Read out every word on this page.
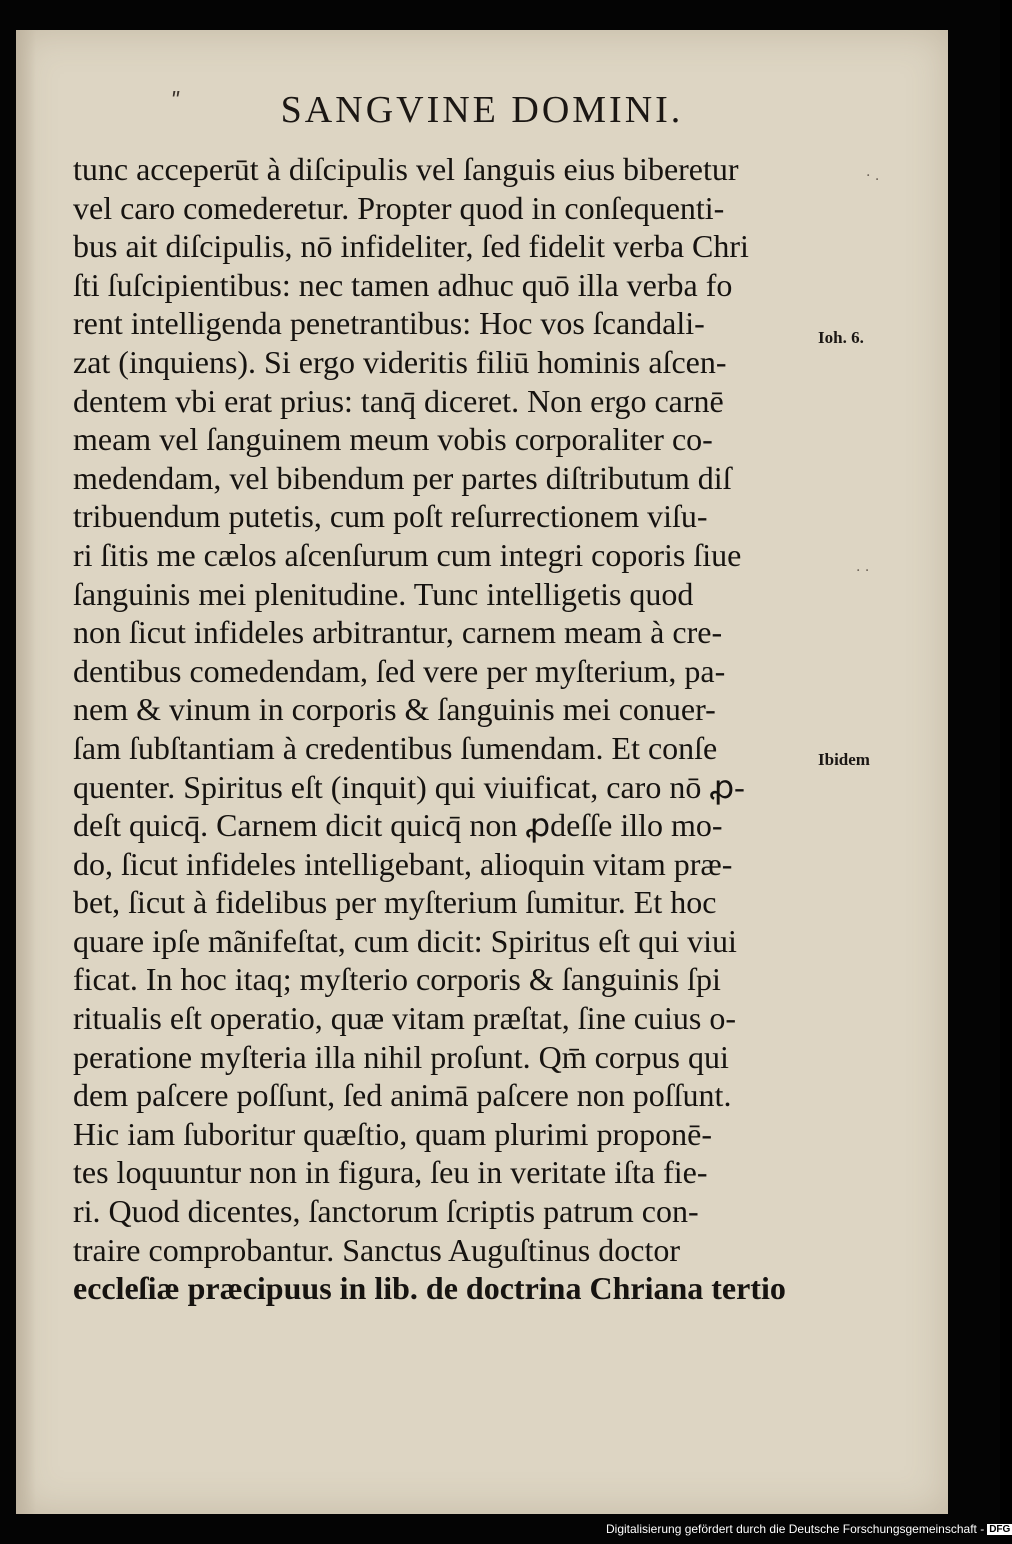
ʺ	SANGVINE DOMINI.
tunc acceperūt à diſcipulis vel ſanguis eius biberetur
vel caro comederetur. Propter quod in conſequenti-
bus ait diſcipulis, nō infideliter, ſed fidelit verba Chri
ſti ſuſcipientibus: nec tamen adhuc quō illa verba fo
rent intelligenda penetrantibus: Hoc vos ſcandali-
zat (inquiens). Si ergo videritis filiū hominis aſcen-
dentem vbi erat prius: tanq̄ diceret. Non ergo carnē
meam vel ſanguinem meum vobis corporaliter co-
medendam, vel bibendum per partes diſtributum diſ
tribuendum putetis, cum poſt reſurrectionem viſu-
ri ſitis me cælos aſcenſurum cum integri coporis ſiue
ſanguinis mei plenitudine. Tunc intelligetis quod
non ſicut infideles arbitrantur, carnem meam à cre-
dentibus comedendam, ſed vere per myſterium, pa-
nem & vinum in corporis & ſanguinis mei conuer-
ſam ſubſtantiam à credentibus ſumendam. Et conſe
quenter. Spiritus eſt (inquit) qui viuificat, caro nō ꝓ-
deſt quicq̄. Carnem dicit quicq̄ non ꝓdeſſe illo mo-
do, ſicut infideles intelligebant, alioquin vitam præ-
bet, ſicut à fidelibus per myſterium ſumitur. Et hoc
quare ipſe mãnifeſtat, cum dicit: Spiritus eſt qui viui
ficat. In hoc itaq; myſterio corporis & ſanguinis ſpi
ritualis eſt operatio, quæ vitam præſtat, ſine cuius o-
peratione myſteria illa nihil proſunt. Qm̄ corpus qui
dem paſcere poſſunt, ſed animā paſcere non poſſunt.
Hic iam ſuboritur quæſtio, quam plurimi proponē-
tes loquuntur non in figura, ſeu in veritate iſta fie-
ri. Quod dicentes, ſanctorum ſcriptis patrum con-
traire comprobantur. Sanctus Auguſtinus doctor
eccleſiæ præcipuus in lib. de doctrina Chriana tertio
Ioh. 6.
Ibidem
· .
· ·
Digitalisierung gefördert durch die Deutsche Forschungsgemeinschaft - DFG
